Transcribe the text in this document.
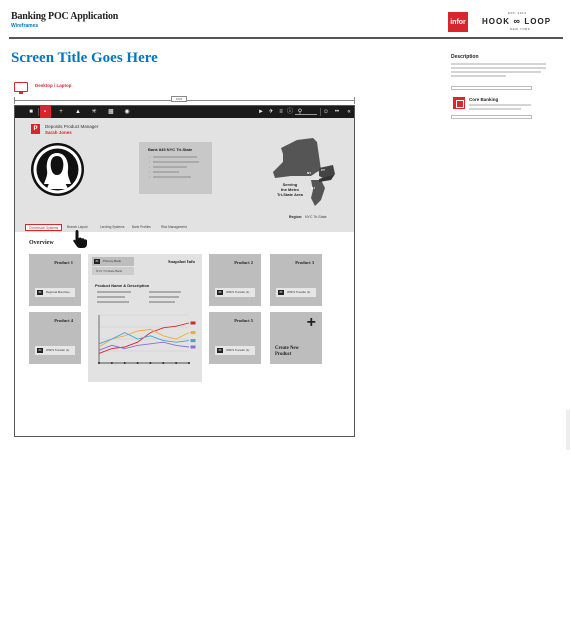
Banking POC Application
Wireframes
infor
EST. 2013
HOOK ∞ LOOP
NEW YORK
Screen Title Goes Here
Desktop / Laptop
Description
Core Banking
1024
■	▪	+	▲ ✳ ▩ ◉	► ✈ ≡ ⓘ ⚲	☺ ••	«
P	Deposits Product Manager
Sarah Jones
Bank 845 NYC Tri-State
•
•
•
•
•
Serving
the Metro
Tri-State Area
NY
CT
NJ
Region: NYC Tri-State
Conversion Systems	Branch Layout	Lending Systems	Bank Profiles	Risk Management
Overview
Product 1
84	Regional Branches
Product 4
84	WSFS Transfer (1)
Product 2
84	WSFS Transfer (1)
Product 3
84	WSFS Transfer (1)
Product 5
84	WSFS Transfer (1)
+
Create New
Product
84	Primary Bank
NYC Tri-State Bank
Snapshot Info
Product Name & Description
